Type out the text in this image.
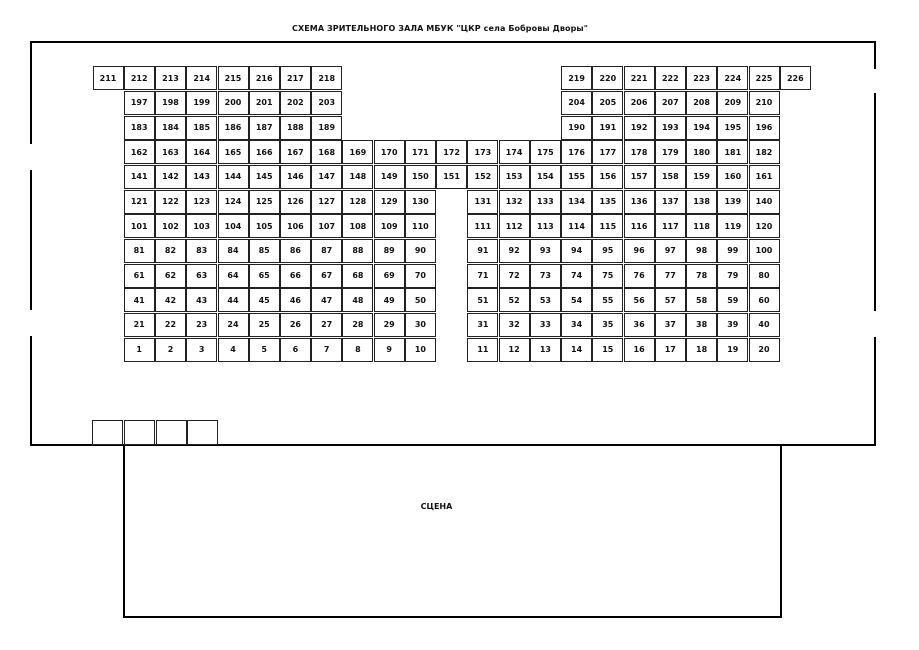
СХЕМА ЗРИТЕЛЬНОГО ЗАЛА МБУК "ЦКР села Бобровы Дворы"
СЦЕНА
1	2	3	4	5	6	7	8	9	10	11	12	13	14	15	16	17	18	19	20
21	22	23	24	25	26	27	28	29	30	31	32	33	34	35	36	37	38	39	40
41	42	43	44	45	46	47	48	49	50	51	52	53	54	55	56	57	58	59	60
61	62	63	64	65	66	67	68	69	70	71	72	73	74	75	76	77	78	79	80
81	82	83	84	85	86	87	88	89	90	91	92	93	94	95	96	97	98	99	100
101	102	103	104	105	106	107	108	109	110	111	112	113	114	115	116	117	118	119	120
121	122	123	124	125	126	127	128	129	130	131	132	133	134	135	136	137	138	139	140
141	142	143	144	145	146	147	148	149	150	151	152	153	154	155	156	157	158	159	160	161
162	163	164	165	166	167	168	169	170	171	172	173	174	175	176	177	178	179	180	181	182
183	184	185	186	187	188	189	190	191	192	193	194	195	196
197	198	199	200	201	202	203	204	205	206	207	208	209	210
211	212	213	214	215	216	217	218	219	220	221	222	223	224	225	226
